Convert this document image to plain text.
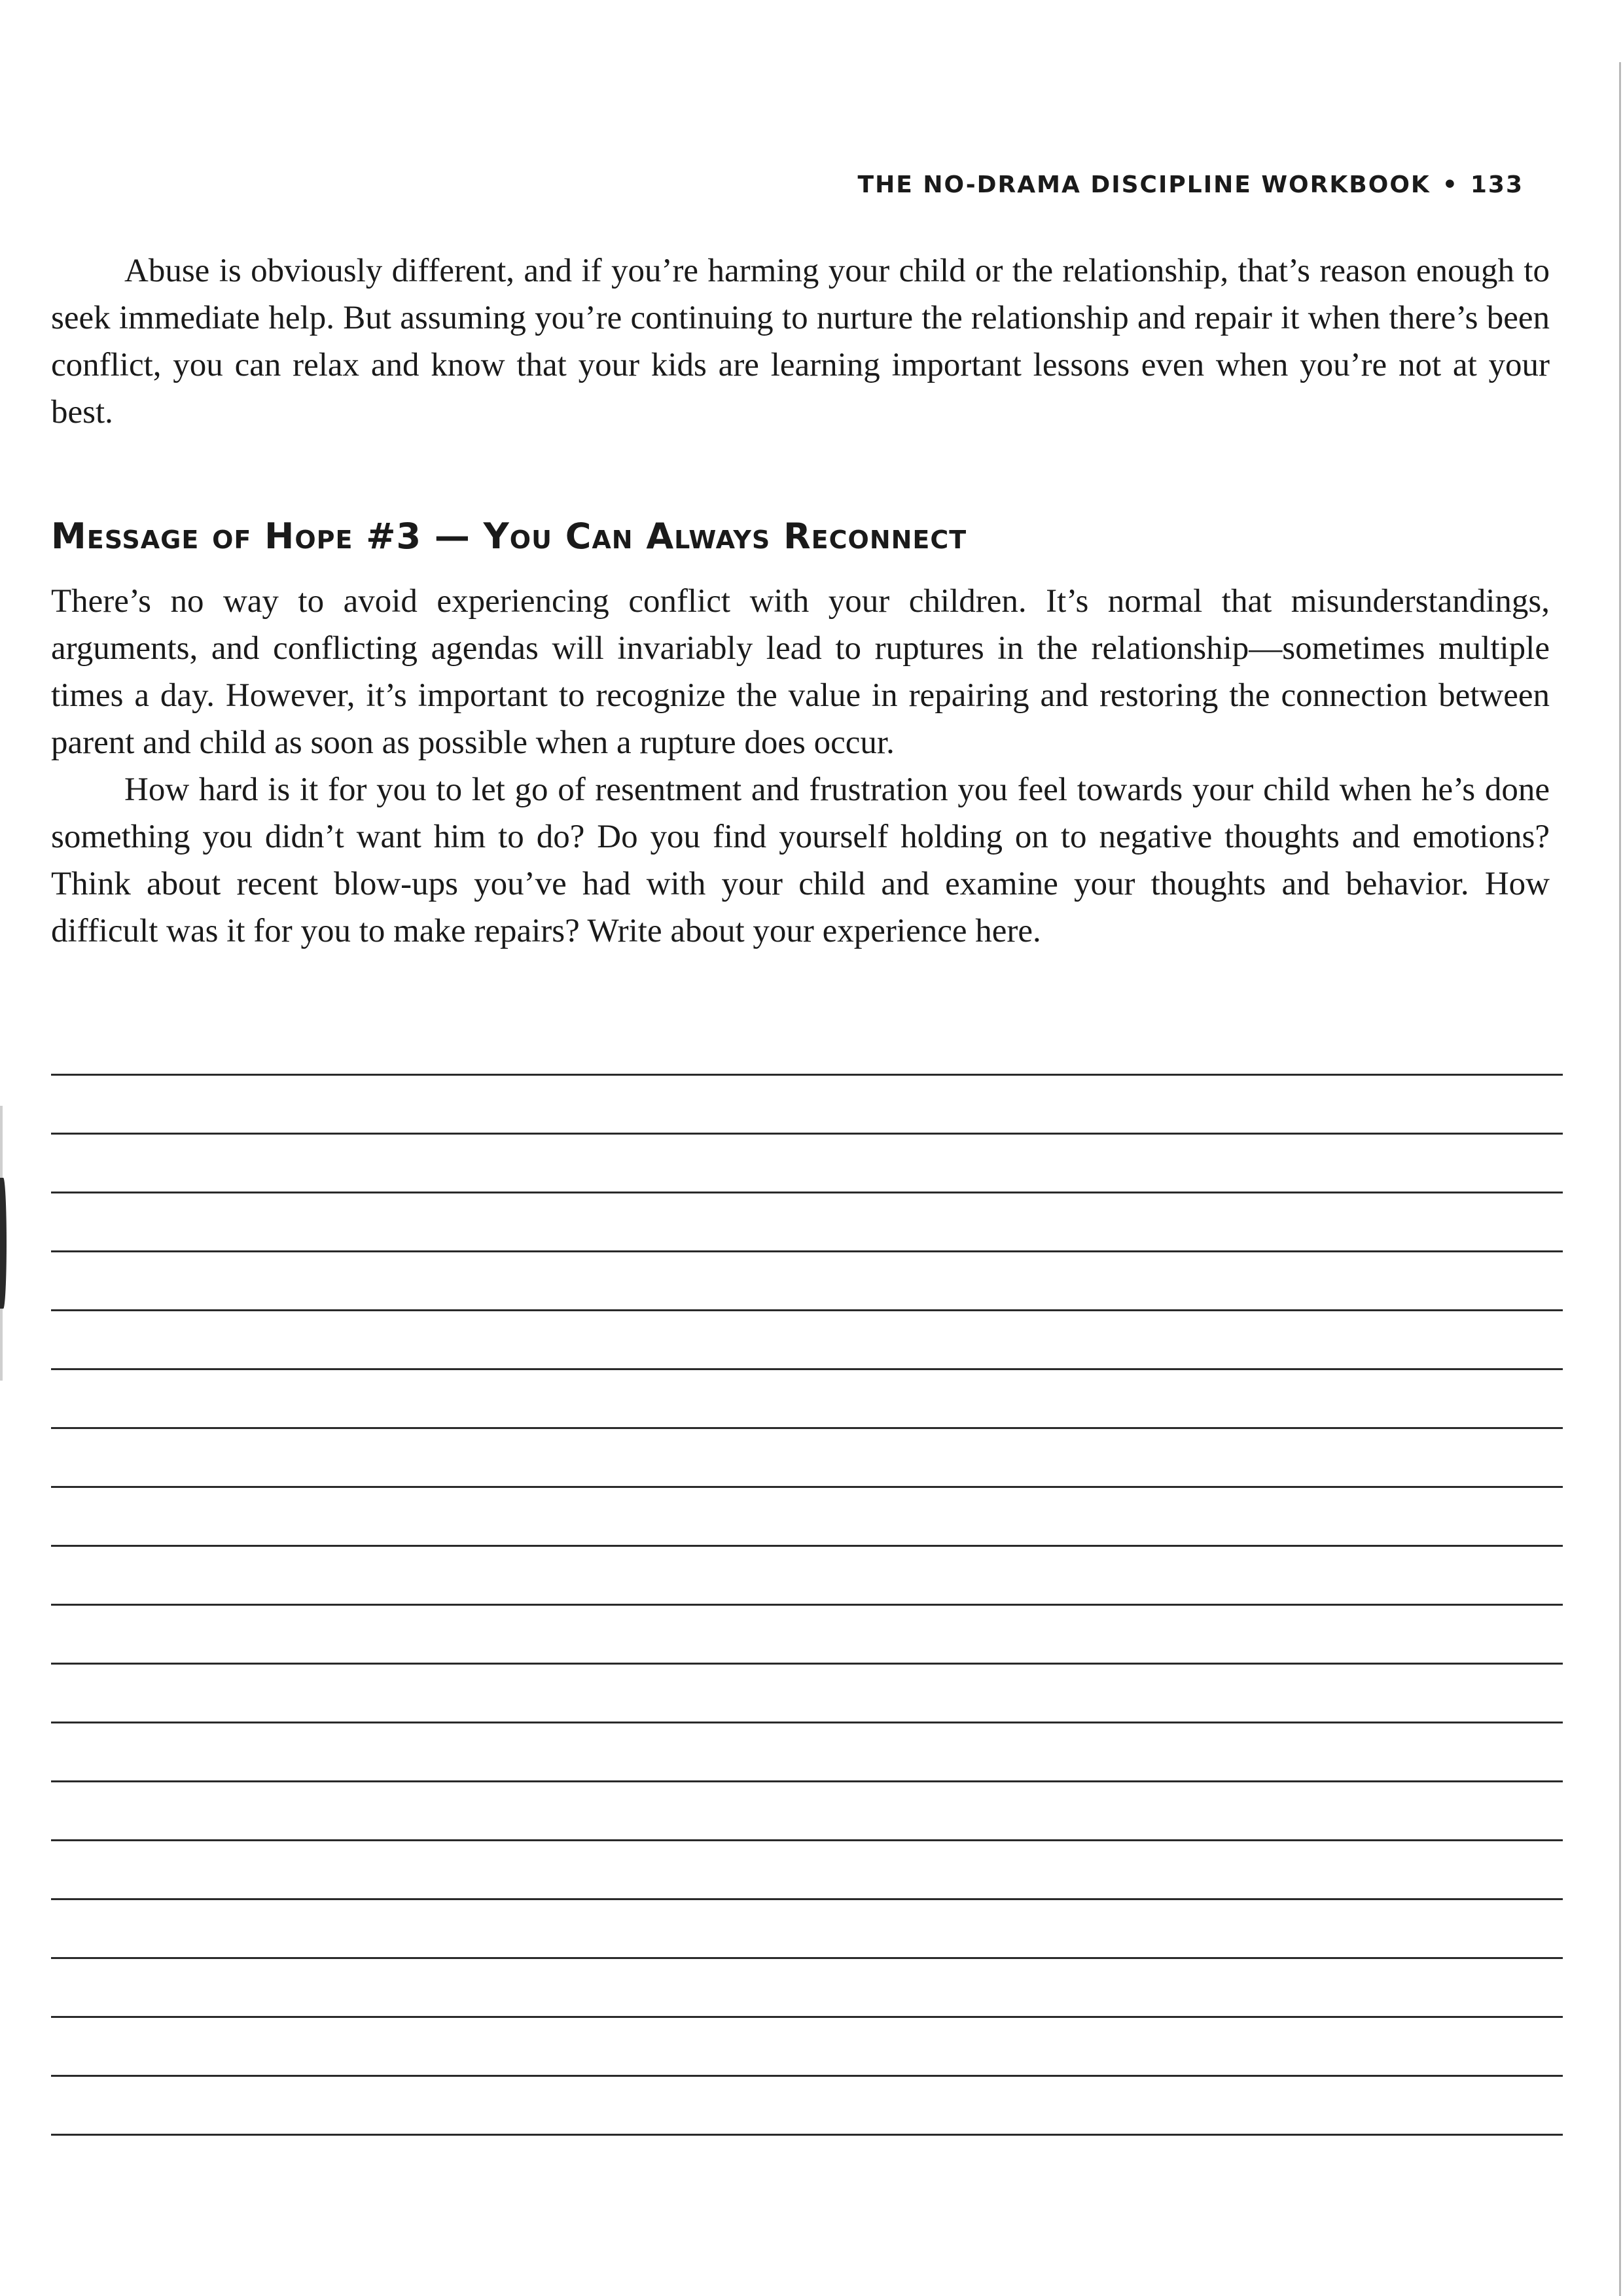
THE NO-DRAMA DISCIPLINE WORKBOOK • 133

Abuse is obviously different, and if you’re harming your child or the relationship, that’s reason enough to seek immediate help. But assuming you’re continuing to nurture the relationship and repair it when there’s been conflict, you can relax and know that your kids are learning important lessons even when you’re not at your best.

Message of Hope #3 — You Can Always Reconnect

There’s no way to avoid experiencing conflict with your children. It’s normal that misunderstandings, arguments, and conflicting agendas will invariably lead to ruptures in the relationship—sometimes multiple times a day. However, it’s important to recognize the value in repairing and restoring the connection between parent and child as soon as possible when a rupture does occur.

How hard is it for you to let go of resentment and frustration you feel towards your child when he’s done something you didn’t want him to do? Do you find yourself holding on to negative thoughts and emotions? Think about recent blow-ups you’ve had with your child and examine your thoughts and behavior. How difficult was it for you to make repairs? Write about your experience here.
